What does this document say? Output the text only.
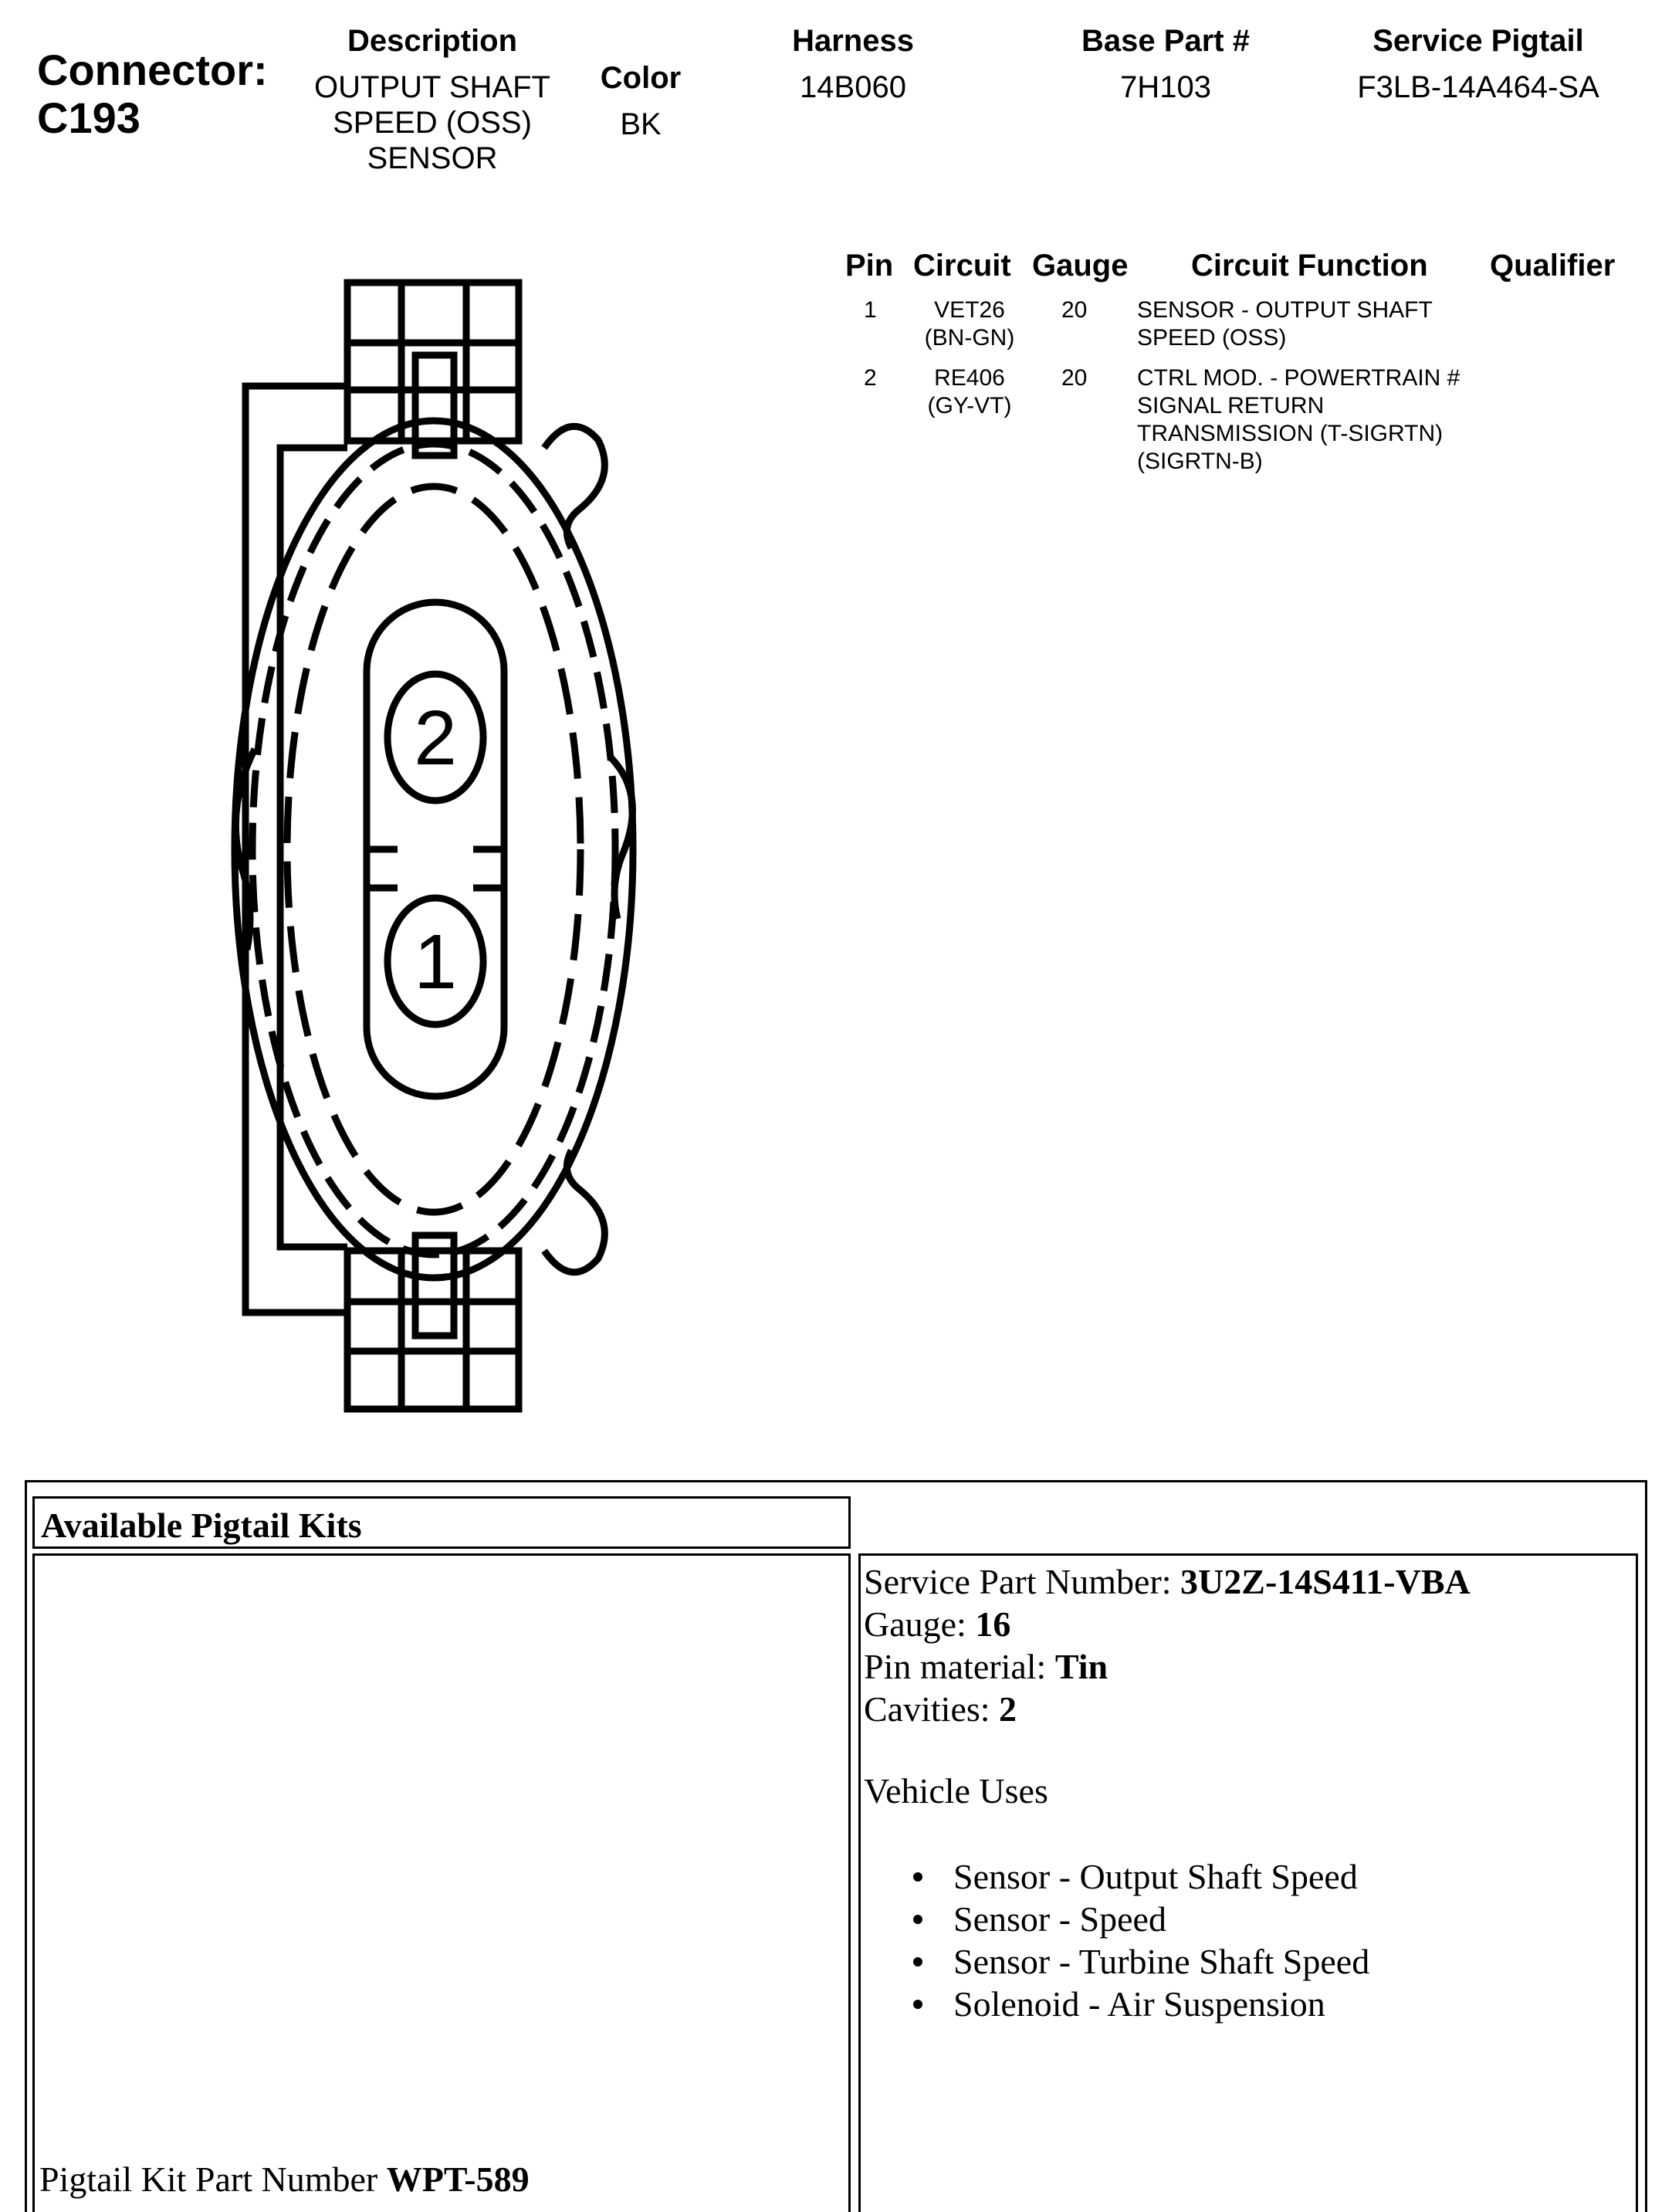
Connector:
C193
Description
OUTPUT SHAFT
SPEED (OSS)
SENSOR
Color
BK
Harness
14B060
Base Part #
7H103
Service Pigtail
F3LB-14A464-SA
Pin Circuit Gauge Circuit Function Qualifier
1	VET26
(BN-GN)
20 SENSOR - OUTPUT SHAFT
SPEED (OSS)
2	RE406
(GY-VT)
20 CTRL MOD. - POWERTRAIN #
SIGNAL RETURN
TRANSMISSION (T-SIGRTN)
(SIGRTN-B)
2
1
Available Pigtail Kits
Pigtail Kit Part Number WPT-589
Service Part Number: 3U2Z-14S411-VBA
Gauge: 16
Pin material: Tin
Cavities: 2
Vehicle Uses
Sensor - Output Shaft Speed
Sensor - Speed
Sensor - Turbine Shaft Speed
Solenoid - Air Suspension
